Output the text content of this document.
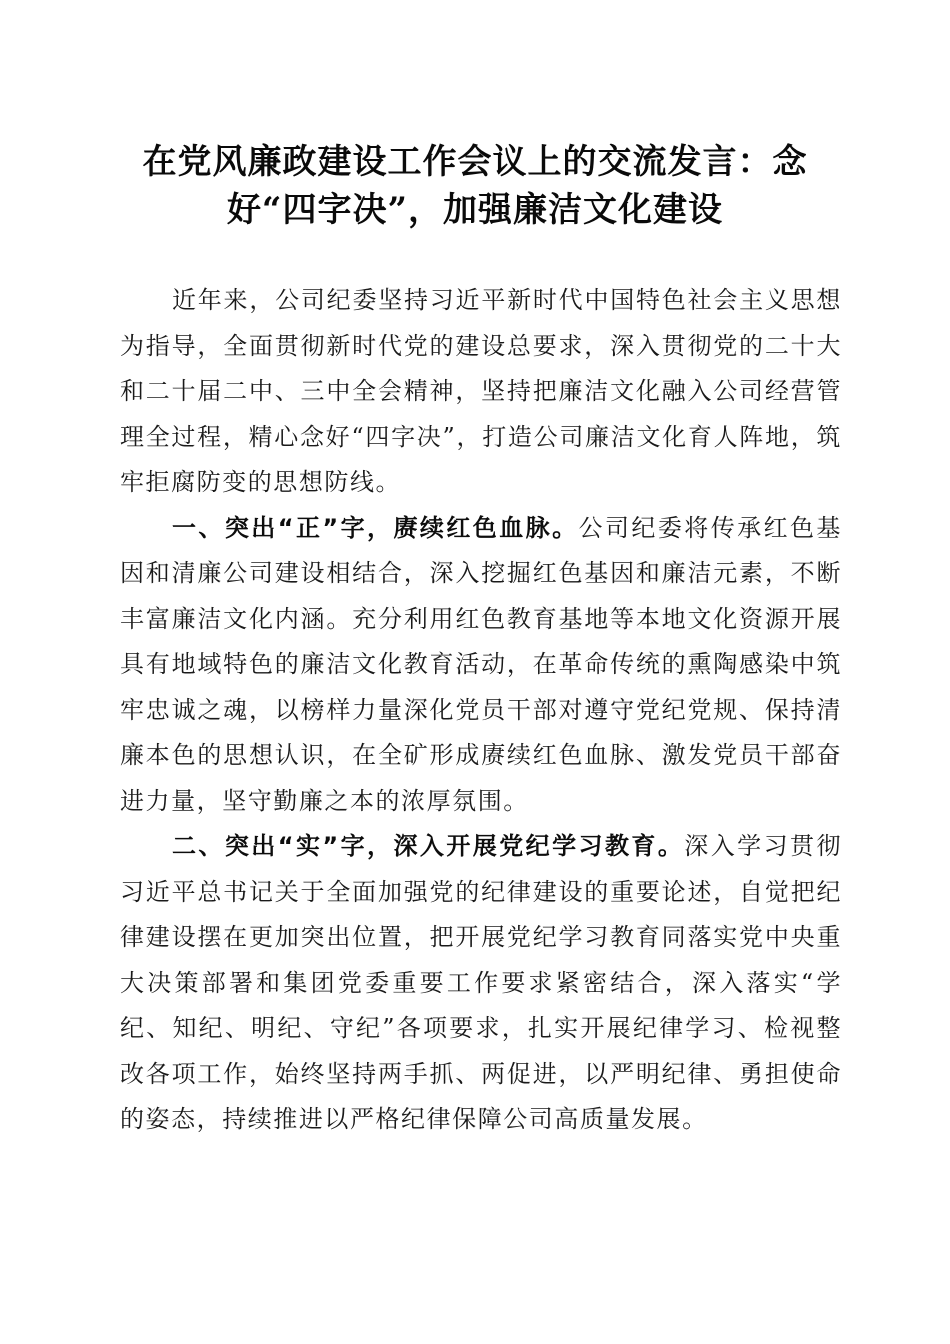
在党风廉政建设工作会议上的交流发言：念
好“四字决”，加强廉洁文化建设

近年来，公司纪委坚持习近平新时代中国特色社会主义思想为指导，全面贯彻新时代党的建设总要求，深入贯彻党的二十大和二十届二中、三中全会精神，坚持把廉洁文化融入公司经营管理全过程，精心念好“四字决”，打造公司廉洁文化育人阵地，筑牢拒腐防变的思想防线。

一、突出“正”字，赓续红色血脉。公司纪委将传承红色基因和清廉公司建设相结合，深入挖掘红色基因和廉洁元素，不断丰富廉洁文化内涵。充分利用红色教育基地等本地文化资源开展具有地域特色的廉洁文化教育活动，在革命传统的熏陶感染中筑牢忠诚之魂，以榜样力量深化党员干部对遵守党纪党规、保持清廉本色的思想认识，在全矿形成赓续红色血脉、激发党员干部奋进力量，坚守勤廉之本的浓厚氛围。

二、突出“实”字，深入开展党纪学习教育。深入学习贯彻习近平总书记关于全面加强党的纪律建设的重要论述，自觉把纪律建设摆在更加突出位置，把开展党纪学习教育同落实党中央重大决策部署和集团党委重要工作要求紧密结合，深入落实“学纪、知纪、明纪、守纪”各项要求，扎实开展纪律学习、检视整改各项工作，始终坚持两手抓、两促进，以严明纪律、勇担使命的姿态，持续推进以严格纪律保障公司高质量发展。
